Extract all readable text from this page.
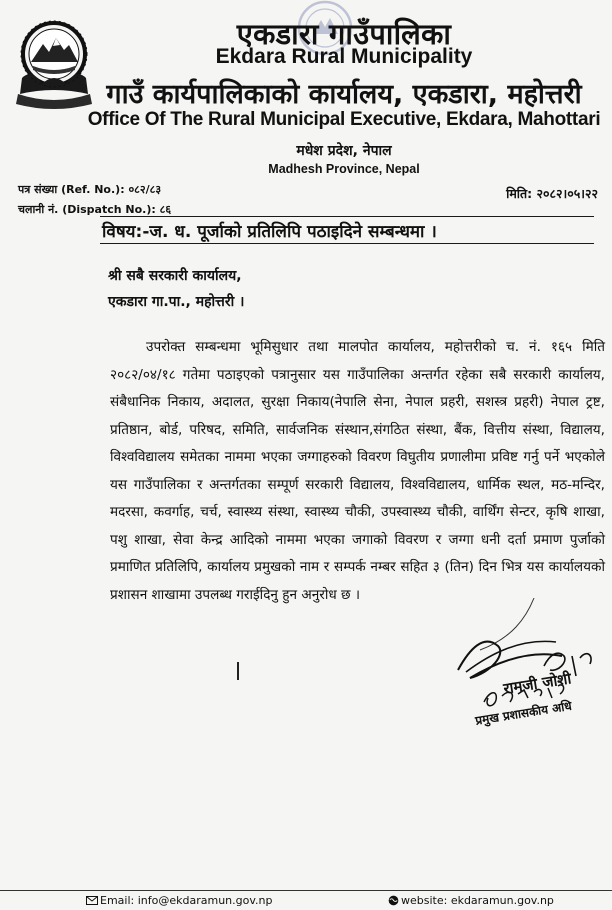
एकडारा गाउँपालिका
Ekdara Rural Municipality
गाउँ कार्यपालिकाको कार्यालय, एकडारा, महोत्तरी
Office Of The Rural Municipal Executive, Ekdara, Mahottari
मधेश प्रदेश, नेपाल
Madhesh Province, Nepal
पत्र संख्या (Ref. No.): ०८२/८३
चलानी नं. (Dispatch No.): ८६
मिति: २०८२।०५।२२
विषय:-ज. ध. पूर्जाको प्रतिलिपि पठाइदिने सम्बन्धमा ।
श्री सबै सरकारी कार्यालय,
एकडारा गा.पा., महोत्तरी ।

उपरोक्त सम्बन्धमा भूमिसुधार तथा मालपोत कार्यालय, महोत्तरीको च. नं. १६५ मिति २०८२/०४/१८ गतेमा पठाइएको पत्रानुसार यस गाउँपालिका अन्तर्गत रहेका सबै सरकारी कार्यालय, संबैधानिक निकाय, अदालत, सुरक्षा निकाय(नेपालि सेना, नेपाल प्रहरी, सशस्त्र प्रहरी) नेपाल ट्रष्ट, प्रतिष्ठान, बोर्ड, परिषद, समिति, सार्वजनिक संस्थान,संगठित संस्था, बैंक, वित्तीय संस्था, विद्यालय, विश्वविद्यालय समेतका नाममा भएका जग्गाहरुको विवरण विघुतीय प्रणालीमा प्रविष्ट गर्नु पर्ने भएकोले यस गाउँपालिका र अन्तर्गतका सम्पूर्ण सरकारी विद्यालय, विश्वविद्यालय, धार्मिक स्थल, मठ-मन्दिर, मदरसा, कवर्गाह, चर्च, स्वास्थ्य संस्था, स्वास्थ्य चौकी, उपस्वास्थ्य चौकी, वार्थिंग सेन्टर, कृषि शाखा, पशु शाखा, सेवा केन्द्र आदिको नाममा भएका जगाको विवरण र जग्गा धनी दर्ता प्रमाण पुर्जाको प्रमाणित प्रतिलिपि, कार्यालय प्रमुखको नाम र सम्पर्क नम्बर सहित ३ (तिन) दिन भित्र यस कार्यालयको प्रशासन शाखामा उपलब्ध गराईदिनु हुन अनुरोध छ ।

रामजी जोशी
प्रमुख प्रशासकीय अधि
Email: info@ekdaramun.gov.np	website: ekdaramun.gov.np
